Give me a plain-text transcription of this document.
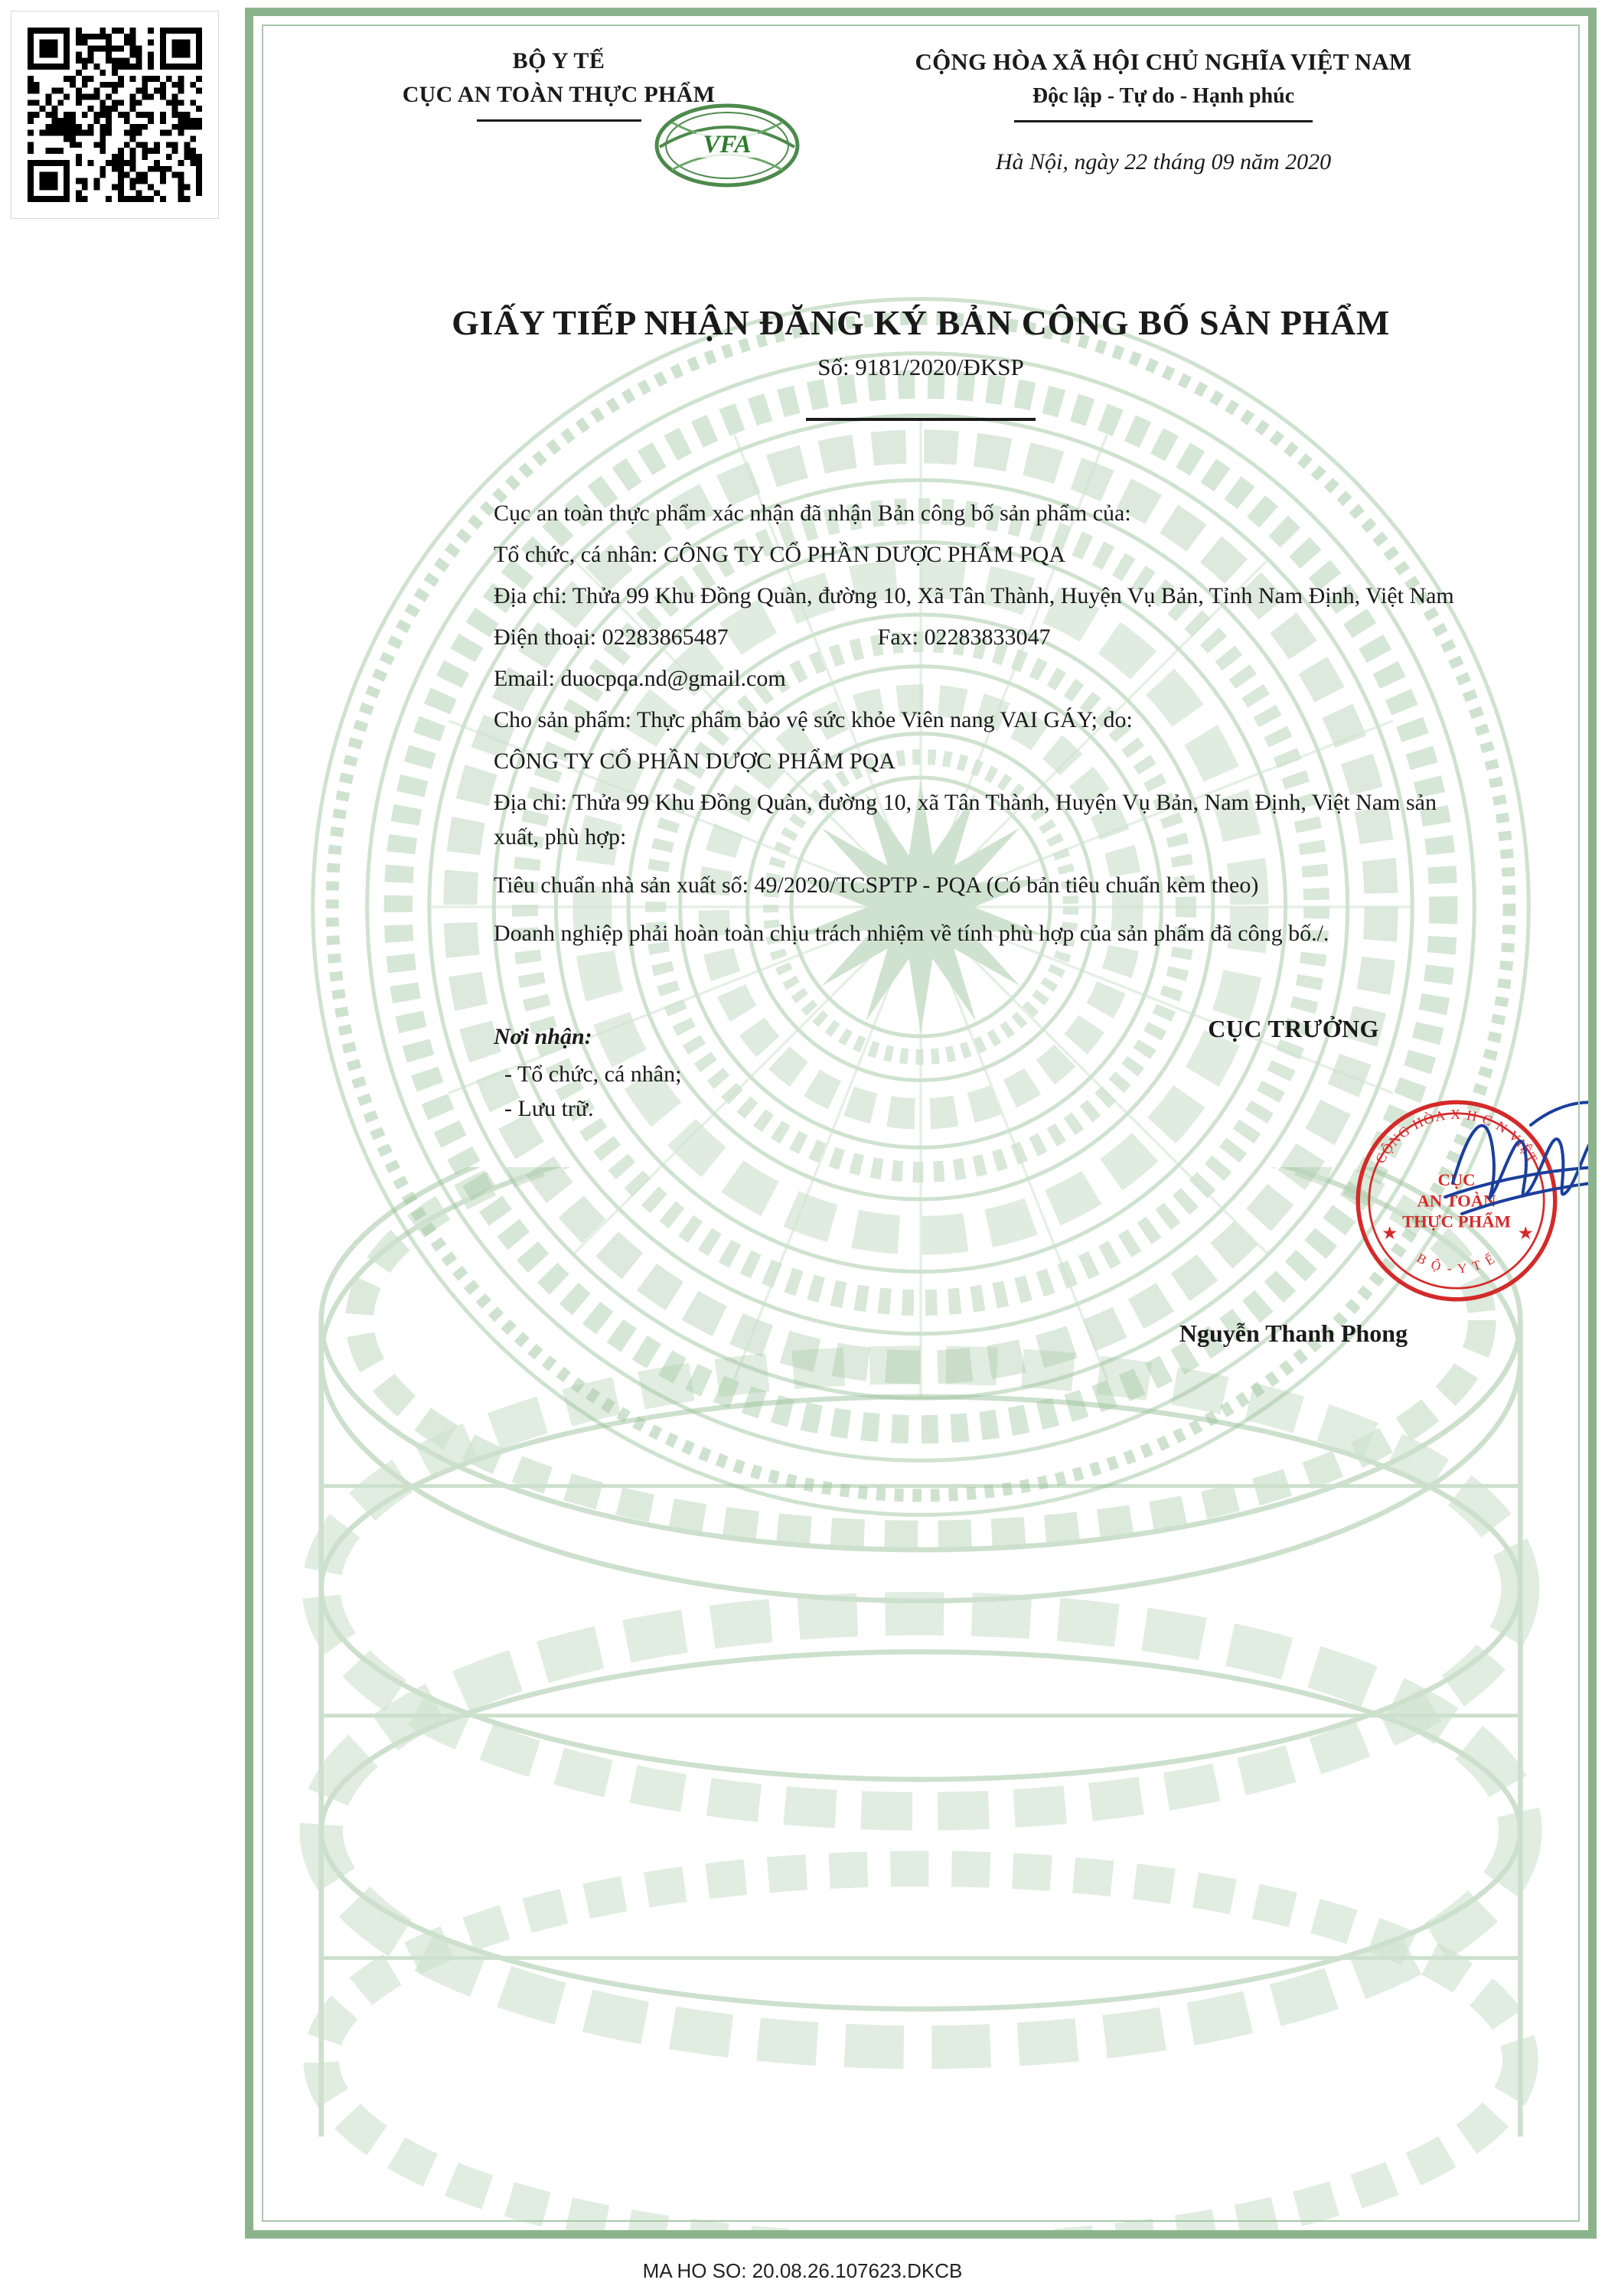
BỘ Y TẾ
CỤC AN TOÀN THỰC PHẨM
VFA
CỘNG HÒA XÃ HỘI CHỦ NGHĨA VIỆT NAM
Độc lập - Tự do - Hạnh phúc
Hà Nội, ngày 22 tháng 09 năm 2020
GIẤY TIẾP NHẬN ĐĂNG KÝ BẢN CÔNG BỐ SẢN PHẨM
Số: 9181/2020/ĐKSP

Cục an toàn thực phẩm xác nhận đã nhận Bản công bố sản phẩm của:

Tổ chức, cá nhân: CÔNG TY CỔ PHẦN DƯỢC PHẨM PQA

Địa chỉ: Thửa 99 Khu Đồng Quàn, đường 10, Xã Tân Thành, Huyện Vụ Bản, Tỉnh Nam Định, Việt Nam

Điện thoại: 02283865487	Fax: 02283833047

Email: duocpqa.nd@gmail.com

Cho sản phẩm: Thực phẩm bảo vệ sức khỏe Viên nang VAI GÁY; do:

CÔNG TY CỔ PHẦN DƯỢC PHẨM PQA

Địa chỉ: Thửa 99 Khu Đồng Quàn, đường 10, xã Tân Thành, Huyện Vụ Bản, Nam Định, Việt Nam sản xuất, phù hợp:

Tiêu chuẩn nhà sản xuất số: 49/2020/TCSPTP - PQA (Có bản tiêu chuẩn kèm theo)

Doanh nghiệp phải hoàn toàn chịu trách nhiệm về tính phù hợp của sản phẩm đã công bố./.

Nơi nhận:
- Tổ chức, cá nhân;
- Lưu trữ.
CỤC TRƯỞNG
CỘNG HÒA X H C N VIỆT
B Ộ - Y T Ế
CỤC
AN TOÀN
THỰC PHẨM
★	★
Nguyễn Thanh Phong
MA HO SO: 20.08.26.107623.DKCB
